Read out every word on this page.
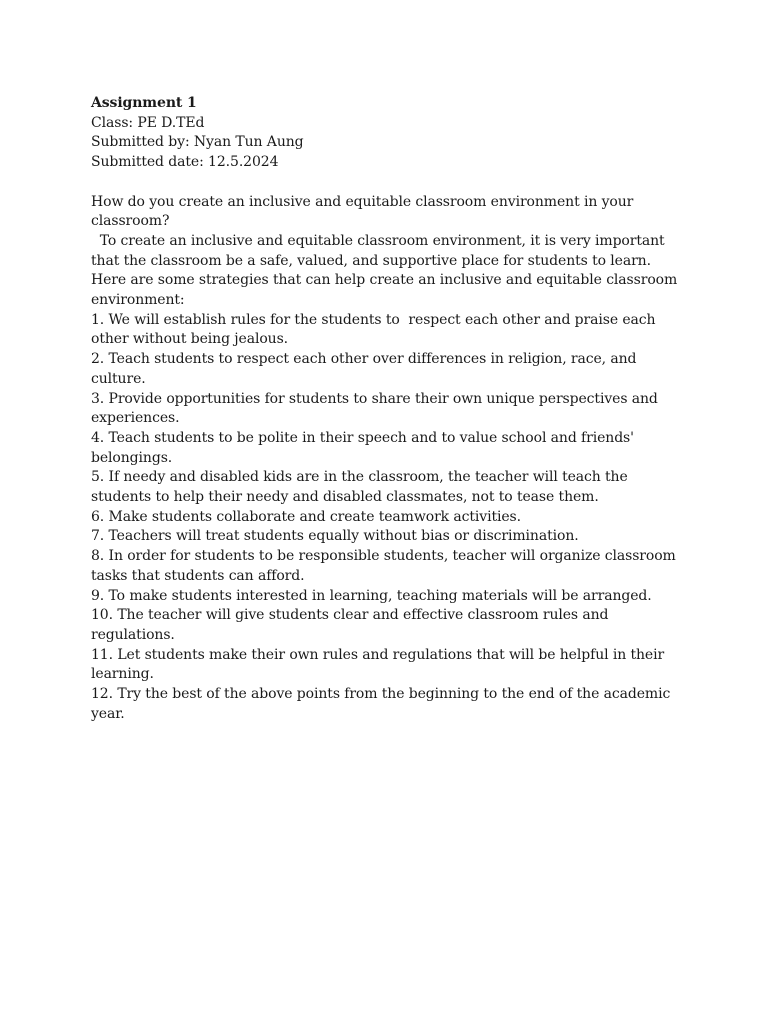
Assignment 1

Class: PE D.TEd

Submitted by: Nyan Tun Aung

Submitted date: 12.5.2024

How do you create an inclusive and equitable classroom environment in your classroom?

To create an inclusive and equitable classroom environment, it is very important that the classroom be a safe, valued, and supportive place for students to learn. Here are some strategies that can help create an inclusive and equitable classroom environment:

1. We will establish rules for the students to  respect each other and praise each other without being jealous.
2. Teach students to respect each other over differences in religion, race, and culture.
3. Provide opportunities for students to share their own unique perspectives and experiences.
4. Teach students to be polite in their speech and to value school and friends' belongings.
5. If needy and disabled kids are in the classroom, the teacher will teach the students to help their needy and disabled classmates, not to tease them.
6. Make students collaborate and create teamwork activities.
7. Teachers will treat students equally without bias or discrimination.
8. In order for students to be responsible students, teacher will organize classroom tasks that students can afford.
9. To make students interested in learning, teaching materials will be arranged.
10. The teacher will give students clear and effective classroom rules and regulations.
11. Let students make their own rules and regulations that will be helpful in their learning.
12. Try the best of the above points from the beginning to the end of the academic year.
